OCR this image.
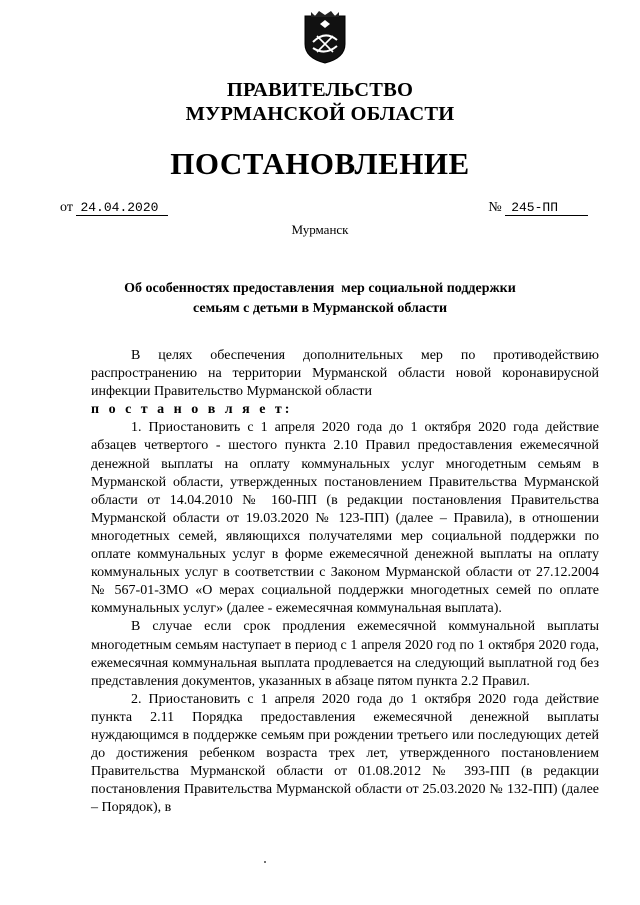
ПРАВИТЕЛЬСТВО
МУРМАНСКОЙ ОБЛАСТИ
ПОСТАНОВЛЕНИЕ
от 24.04.2020	№ 245-ПП
Мурманск
Об особенностях предоставления  мер социальной поддержки
семьям с детьми в Мурманской области

В целях обеспечения дополнительных мер по противодействию распространению на территории Мурманской области новой коронавирусной инфекции Правительство Мурманской области

п о с т а н о в л я е т:

1. Приостановить с 1 апреля 2020 года до 1 октября 2020 года действие абзацев четвертого - шестого пункта 2.10 Правил предоставления ежемесячной денежной выплаты на оплату коммунальных услуг многодетным семьям в Мурманской области, утвержденных постановлением Правительства Мурманской области от 14.04.2010 № 160-ПП (в редакции постановления Правительства Мурманской области от 19.03.2020 № 123-ПП) (далее – Правила), в отношении многодетных семей, являющихся получателями мер социальной поддержки по оплате коммунальных услуг в форме ежемесячной денежной выплаты на оплату коммунальных услуг в соответствии с Законом Мурманской области от 27.12.2004 № 567-01-ЗМО «О мерах социальной поддержки многодетных семей по оплате коммунальных услуг» (далее - ежемесячная коммунальная выплата).

В случае если срок продления ежемесячной коммунальной выплаты многодетным семьям наступает в период с 1 апреля 2020 год по 1 октября 2020 года, ежемесячная коммунальная выплата продлевается на следующий выплатной год без представления документов, указанных в абзаце пятом пункта 2.2 Правил.

2. Приостановить с 1 апреля 2020 года до 1 октября 2020 года действие пункта 2.11 Порядка предоставления ежемесячной денежной выплаты нуждающимся в поддержке семьям при рождении третьего или последующих детей до достижения ребенком возраста трех лет, утвержденного постановлением Правительства Мурманской области от 01.08.2012 № 393-ПП (в редакции постановления Правительства Мурманской области от 25.03.2020 № 132-ПП) (далее – Порядок), в
